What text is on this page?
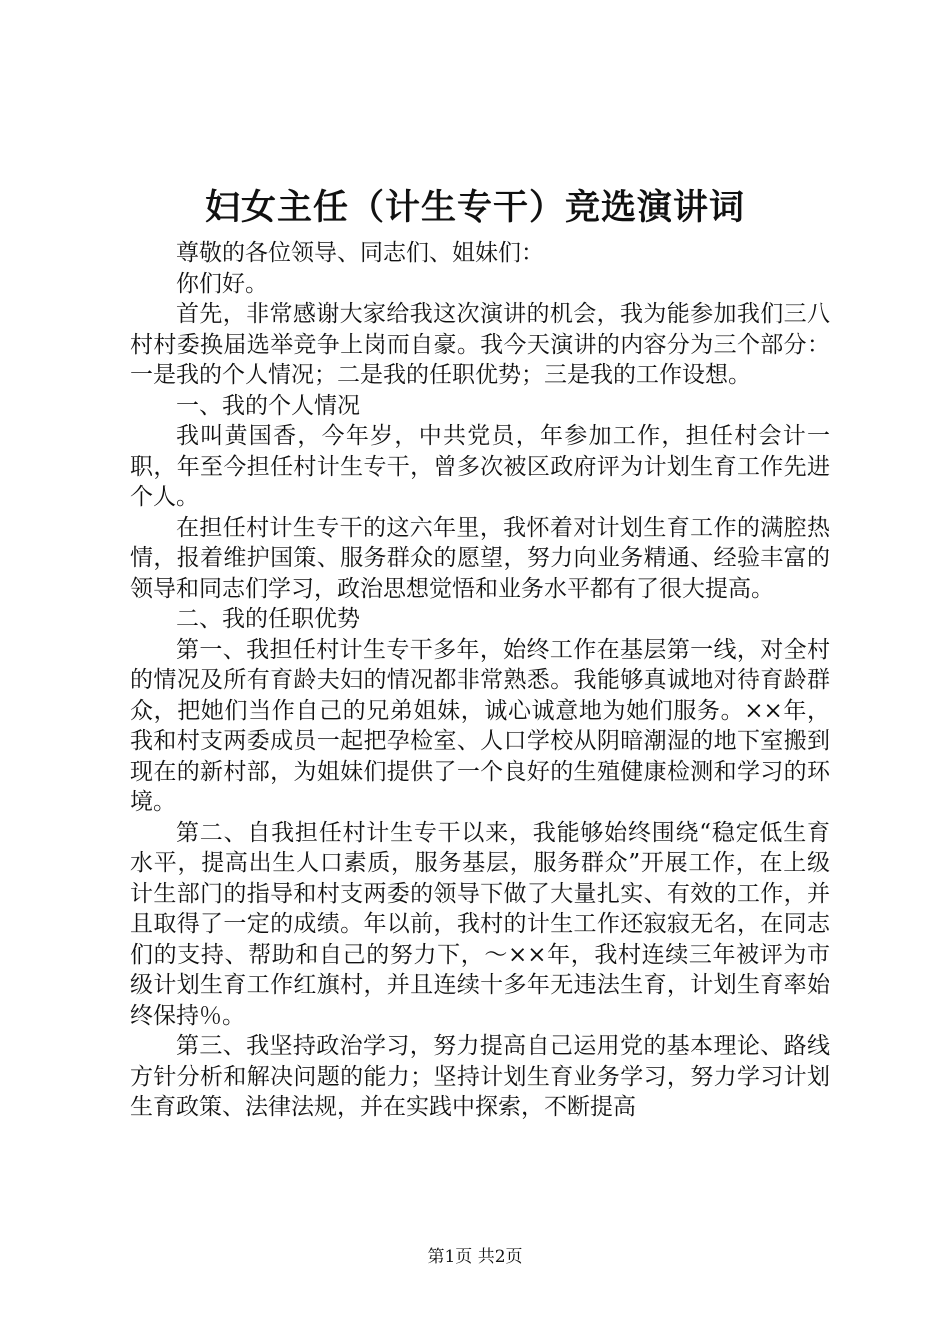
妇女主任（计生专干）竞选演讲词

尊敬的各位领导、同志们、姐妹们：

你们好。

首先，非常感谢大家给我这次演讲的机会，我为能参加我们三八村村委换届选举竞争上岗而自豪。我今天演讲的内容分为三个部分：一是我的个人情况；二是我的任职优势；三是我的工作设想。

一、我的个人情况

我叫黄国香，今年岁，中共党员，年参加工作，担任村会计一职，年至今担任村计生专干，曾多次被区政府评为计划生育工作先进个人。

在担任村计生专干的这六年里，我怀着对计划生育工作的满腔热情，报着维护国策、服务群众的愿望，努力向业务精通、经验丰富的领导和同志们学习，政治思想觉悟和业务水平都有了很大提高。

二、我的任职优势

第一、我担任村计生专干多年，始终工作在基层第一线，对全村的情况及所有育龄夫妇的情况都非常熟悉。我能够真诚地对待育龄群众，把她们当作自己的兄弟姐妹，诚心诚意地为她们服务。××年，我和村支两委成员一起把孕检室、人口学校从阴暗潮湿的地下室搬到现在的新村部，为姐妹们提供了一个良好的生殖健康检测和学习的环境。

第二、自我担任村计生专干以来，我能够始终围绕“稳定低生育水平，提高出生人口素质，服务基层，服务群众”开展工作，在上级计生部门的指导和村支两委的领导下做了大量扎实、有效的工作，并且取得了一定的成绩。年以前，我村的计生工作还寂寂无名，在同志们的支持、帮助和自己的努力下，～××年，我村连续三年被评为市级计划生育工作红旗村，并且连续十多年无违法生育，计划生育率始终保持％。

第三、我坚持政治学习，努力提高自己运用党的基本理论、路线方针分析和解决问题的能力；坚持计划生育业务学习，努力学习计划生育政策、法律法规，并在实践中探索，不断提高

第1页 共2页
